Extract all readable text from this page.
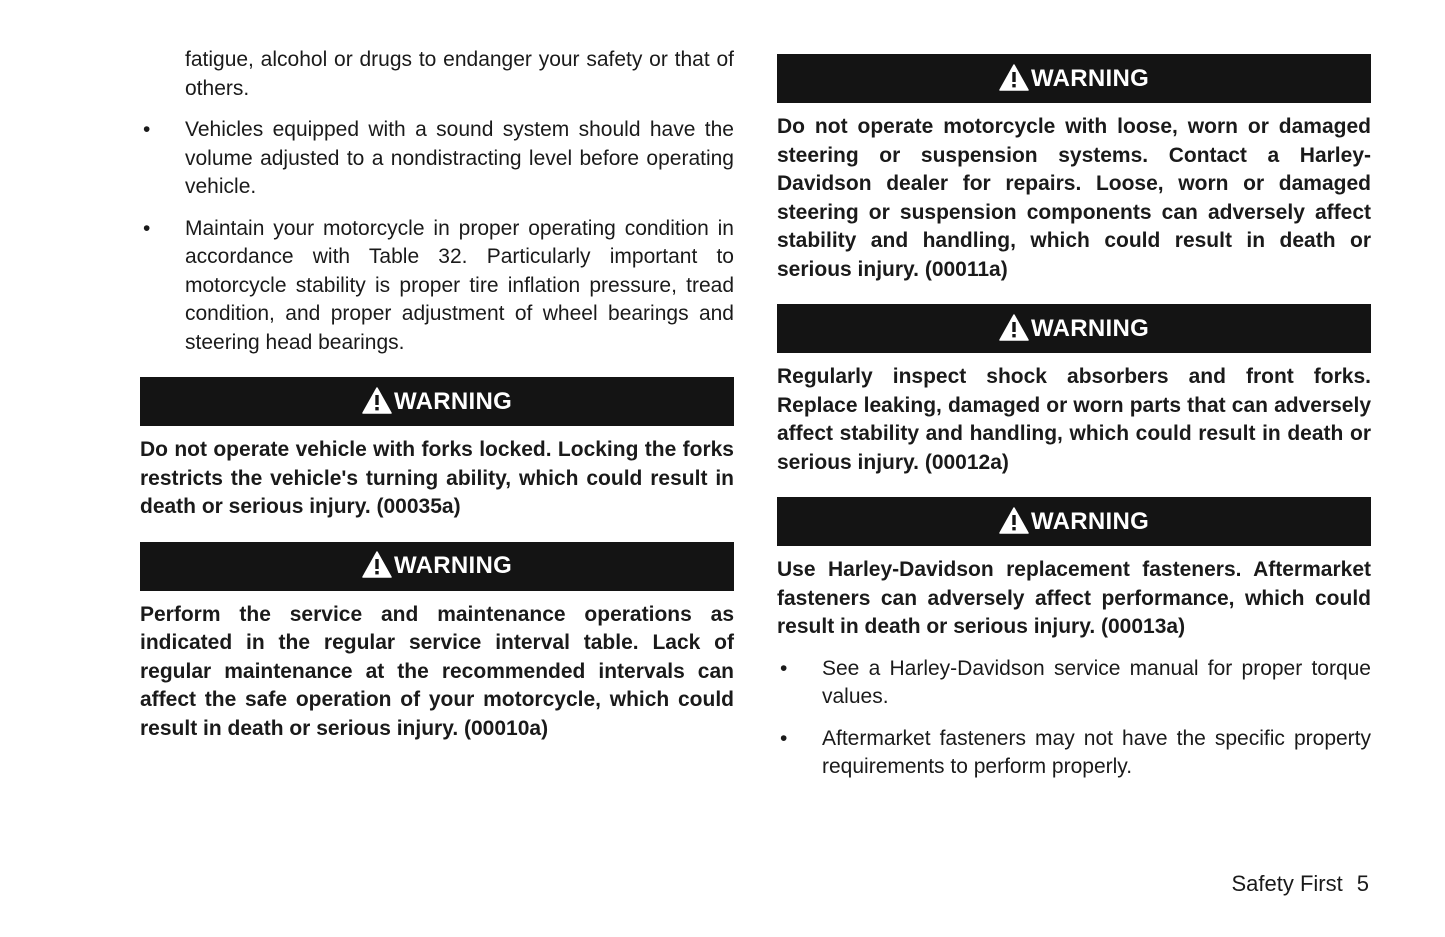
fatigue, alcohol or drugs to endanger your safety or that of others.

• Vehicles equipped with a sound system should have the volume adjusted to a nondistracting level before operating vehicle.

• Maintain your motorcycle in proper operating condition in accordance with Table 32. Particularly important to motorcycle stability is proper tire inflation pressure, tread condition, and proper adjustment of wheel bearings and steering head bearings.

WARNING

Do not operate vehicle with forks locked. Locking the forks restricts the vehicle's turning ability, which could result in death or serious injury. (00035a)

WARNING

Perform the service and maintenance operations as indicated in the regular service interval table. Lack of regular maintenance at the recommended intervals can affect the safe operation of your motorcycle, which could result in death or serious injury. (00010a)

WARNING

Do not operate motorcycle with loose, worn or damaged steering or suspension systems. Contact a Harley-Davidson dealer for repairs. Loose, worn or damaged steering or suspension components can adversely affect stability and handling, which could result in death or serious injury. (00011a)

WARNING

Regularly inspect shock absorbers and front forks. Replace leaking, damaged or worn parts that can adversely affect stability and handling, which could result in death or serious injury. (00012a)

WARNING

Use Harley-Davidson replacement fasteners. Aftermarket fasteners can adversely affect performance, which could result in death or serious injury. (00013a)

• See a Harley-Davidson service manual for proper torque values.

• Aftermarket fasteners may not have the specific property requirements to perform properly.

Safety First 5
